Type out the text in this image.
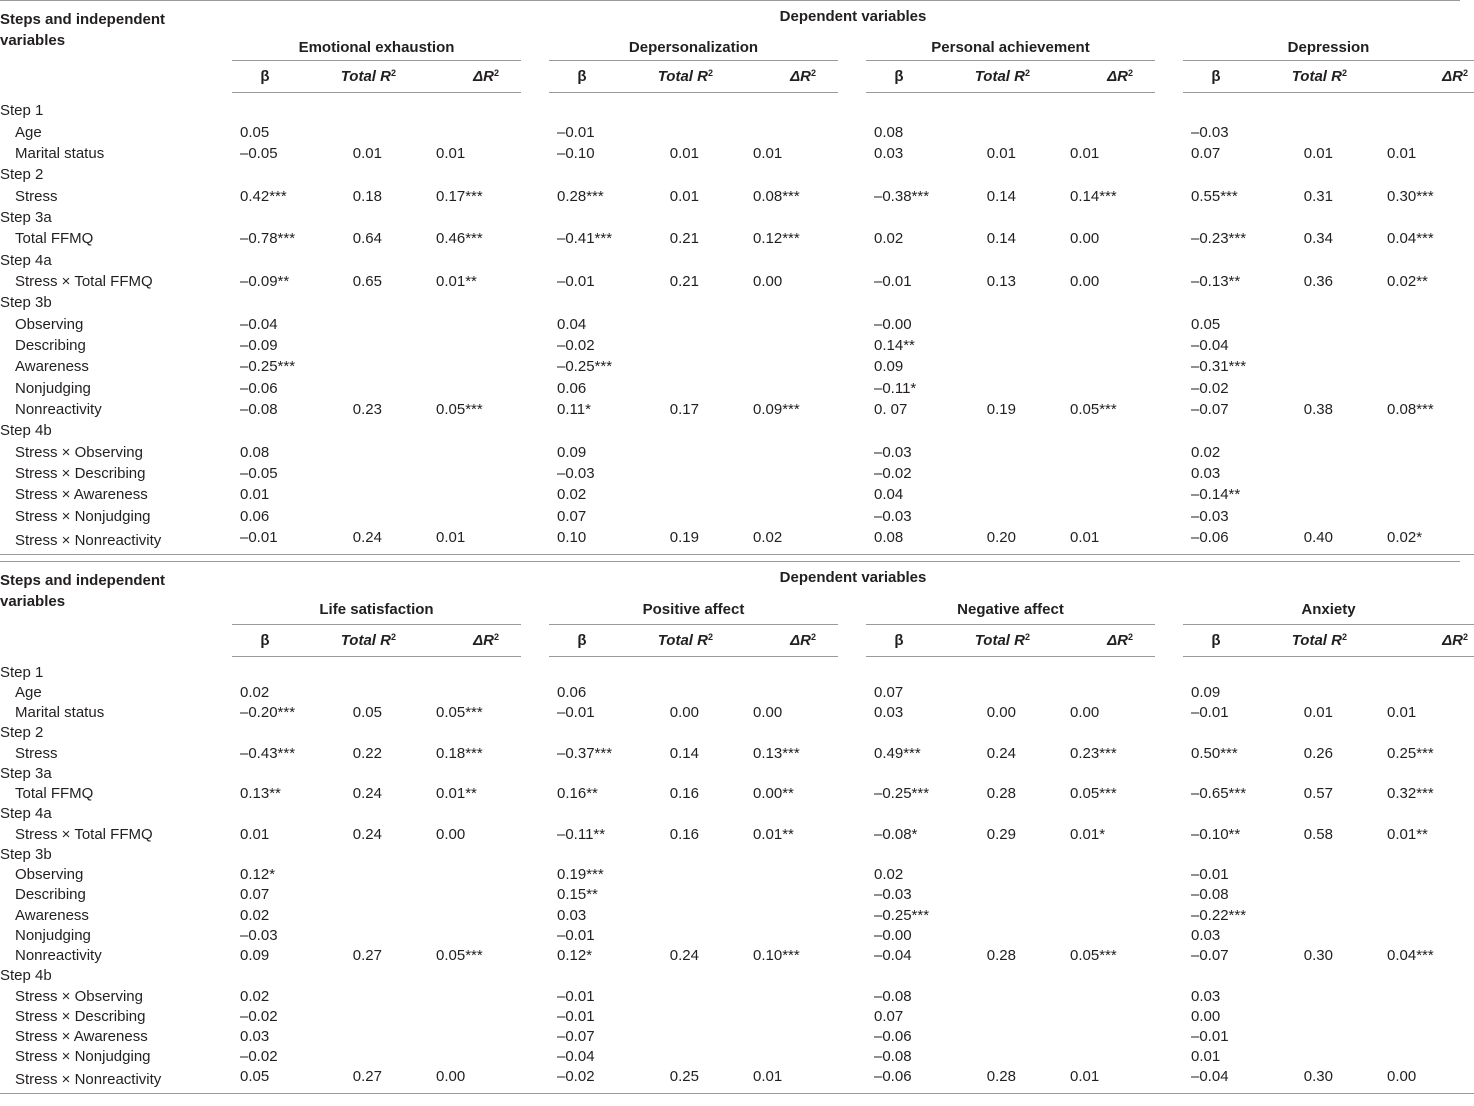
Steps and independent variables	Dependent variables														
	Emotional exhaustion				Depersonalization				Personal achievement				Depression		
	β	Total $R^2$	$\Delta R^2$		β	Total $R^2$	$\Delta R^2$		β	Total $R^2$	$\Delta R^2$		β	Total $R^2$	$\Delta R^2$

Step 1															
Age	0.05				–0.01				0.08				–0.03		
Marital status	–0.05	0.01	0.01		–0.10	0.01	0.01		0.03	0.01	0.01		0.07	0.01	0.01
Step 2															
Stress	0.42***	0.18	0.17***		0.28***	0.01	0.08***		–0.38***	0.14	0.14***		0.55***	0.31	0.30***
Step 3a															
Total FFMQ	–0.78***	0.64	0.46***		–0.41***	0.21	0.12***		0.02	0.14	0.00		–0.23***	0.34	0.04***
Step 4a															
Stress × Total FFMQ	–0.09**	0.65	0.01**		–0.01	0.21	0.00		–0.01	0.13	0.00		–0.13**	0.36	0.02**
Step 3b															
Observing	–0.04				0.04				–0.00				0.05		
Describing	–0.09				–0.02				0.14**				–0.04		
Awareness	–0.25***				–0.25***				0.09				–0.31***		
Nonjudging	–0.06				0.06				–0.11*				–0.02		
Nonreactivity	–0.08	0.23	0.05***		0.11*	0.17	0.09***		0. 07	0.19	0.05***		–0.07	0.38	0.08***
Step 4b															
Stress × Observing	0.08				0.09				–0.03				0.02		
Stress × Describing	–0.05				–0.03				–0.02				0.03		
Stress × Awareness	0.01				0.02				0.04				–0.14**		
Stress × Nonjudging	0.06				0.07				–0.03				–0.03		
Stress × Nonreactivity	–0.01	0.24	0.01		0.10	0.19	0.02		0.08	0.20	0.01		–0.06	0.40	0.02*
Steps and independent variables	Dependent variables														
	Life satisfaction				Positive affect				Negative affect				Anxiety		
	β	Total $R^2$	$\Delta R^2$		β	Total $R^2$	$\Delta R^2$		β	Total $R^2$	$\Delta R^2$		β	Total $R^2$	$\Delta R^2$

Step 1															
Age	0.02				0.06				0.07				0.09		
Marital status	–0.20***	0.05	0.05***		–0.01	0.00	0.00		0.03	0.00	0.00		–0.01	0.01	0.01
Step 2															
Stress	–0.43***	0.22	0.18***		–0.37***	0.14	0.13***		0.49***	0.24	0.23***		0.50***	0.26	0.25***
Step 3a															
Total FFMQ	0.13**	0.24	0.01**		0.16**	0.16	0.00**		–0.25***	0.28	0.05***		–0.65***	0.57	0.32***
Step 4a															
Stress × Total FFMQ	0.01	0.24	0.00		–0.11**	0.16	0.01**		–0.08*	0.29	0.01*		–0.10**	0.58	0.01**
Step 3b															
Observing	0.12*				0.19***				0.02				–0.01		
Describing	0.07				0.15**				–0.03				–0.08		
Awareness	0.02				0.03				–0.25***				–0.22***		
Nonjudging	–0.03				–0.01				–0.00				0.03		
Nonreactivity	0.09	0.27	0.05***		0.12*	0.24	0.10***		–0.04	0.28	0.05***		–0.07	0.30	0.04***
Step 4b															
Stress × Observing	0.02				–0.01				–0.08				0.03		
Stress × Describing	–0.02				–0.01				0.07				0.00		
Stress × Awareness	0.03				–0.07				–0.06				–0.01		
Stress × Nonjudging	–0.02				–0.04				–0.08				0.01		
Stress × Nonreactivity	0.05	0.27	0.00		–0.02	0.25	0.01		–0.06	0.28	0.01		–0.04	0.30	0.00
